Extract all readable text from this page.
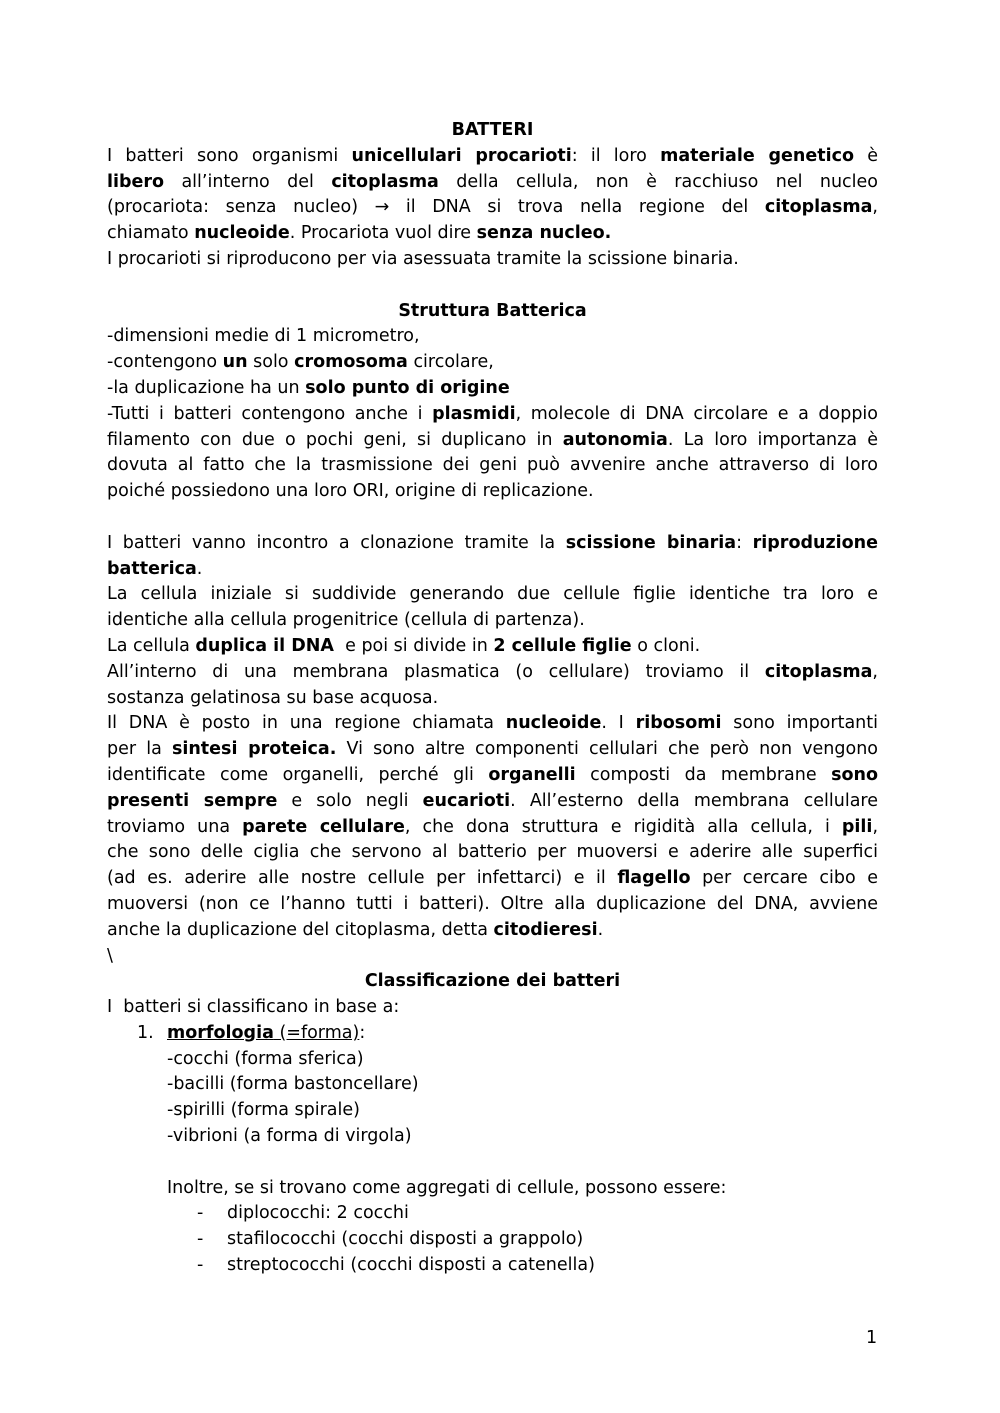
BATTERI
I batteri sono organismi unicellulari procarioti: il loro materiale genetico è
libero all’interno del citoplasma della cellula, non è racchiuso nel nucleo
(procariota: senza nucleo) → il DNA si trova nella regione del citoplasma,
chiamato nucleoide. Procariota vuol dire senza nucleo.
I procarioti si riproducono per via asessuata tramite la scissione binaria.
Struttura Batterica
-dimensioni medie di 1 micrometro,
-contengono un solo cromosoma circolare,
-la duplicazione ha un solo punto di origine
-Tutti i batteri contengono anche i plasmidi, molecole di DNA circolare e a doppio
filamento con due o pochi geni, si duplicano in autonomia. La loro importanza è
dovuta al fatto che la trasmissione dei geni può avvenire anche attraverso di loro
poiché possiedono una loro ORI, origine di replicazione.
I batteri vanno incontro a clonazione tramite la scissione binaria: riproduzione
batterica.
La cellula iniziale si suddivide generando due cellule figlie identiche tra loro e
identiche alla cellula progenitrice (cellula di partenza).
La cellula duplica il DNA  e poi si divide in 2 cellule figlie o cloni.
All’interno di una membrana plasmatica (o cellulare) troviamo il citoplasma,
sostanza gelatinosa su base acquosa.
Il DNA è posto in una regione chiamata nucleoide. I ribosomi sono importanti
per la sintesi proteica. Vi sono altre componenti cellulari che però non vengono
identificate come organelli, perché gli organelli composti da membrane sono
presenti sempre e solo negli eucarioti. All’esterno della membrana cellulare
troviamo una parete cellulare, che dona struttura e rigidità alla cellula, i pili,
che sono delle ciglia che servono al batterio per muoversi e aderire alle superfici
(ad es. aderire alle nostre cellule per infettarci) e il flagello per cercare cibo e
muoversi (non ce l’hanno tutti i batteri). Oltre alla duplicazione del DNA, avviene
anche la duplicazione del citoplasma, detta citodieresi.
\
Classificazione dei batteri
I  batteri si classificano in base a:
1. morfologia (=forma):
-cocchi (forma sferica)
-bacilli (forma bastoncellare)
-spirilli (forma spirale)
-vibrioni (a forma di virgola)
Inoltre, se si trovano come aggregati di cellule, possono essere:
- diplococchi: 2 cocchi
- stafilococchi (cocchi disposti a grappolo)
- streptococchi (cocchi disposti a catenella)
1
